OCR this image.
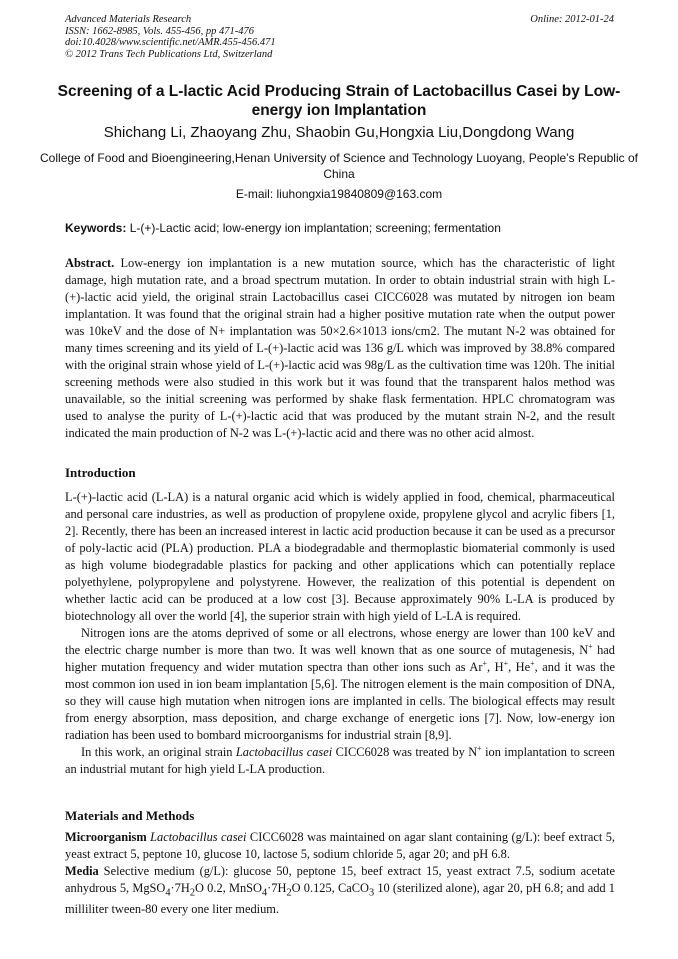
Advanced Materials Research
ISSN: 1662-8985, Vols. 455-456, pp 471-476
doi:10.4028/www.scientific.net/AMR.455-456.471
© 2012 Trans Tech Publications Ltd, Switzerland
Online: 2012-01-24
Screening of a L-lactic Acid Producing Strain of Lactobacillus Casei by Low-energy ion Implantation
Shichang Li, Zhaoyang Zhu, Shaobin Gu,Hongxia Liu,Dongdong Wang
College of Food and Bioengineering,Henan University of Science and Technology Luoyang, People’s Republic of China
E-mail: liuhongxia19840809@163.com
Keywords: L-(+)-Lactic acid; low-energy ion implantation; screening; fermentation

Abstract. Low-energy ion implantation is a new mutation source, which has the characteristic of light damage, high mutation rate, and a broad spectrum mutation. In order to obtain industrial strain with high L-(+)-lactic acid yield, the original strain Lactobacillus casei CICC6028 was mutated by nitrogen ion beam implantation. It was found that the original strain had a higher positive mutation rate when the output power was 10keV and the dose of N+ implantation was 50×2.6×1013 ions/cm2. The mutant N-2 was obtained for many times screening and its yield of L-(+)-lactic acid was 136 g/L which was improved by 38.8% compared with the original strain whose yield of L-(+)-lactic acid was 98g/L as the cultivation time was 120h. The initial screening methods were also studied in this work but it was found that the transparent halos method was unavailable, so the initial screening was performed by shake flask fermentation. HPLC chromatogram was used to analyse the purity of L-(+)-lactic acid that was produced by the mutant strain N-2, and the result indicated the main production of N-2 was L-(+)-lactic acid and there was no other acid almost.

Introduction

L-(+)-lactic acid (L-LA) is a natural organic acid which is widely applied in food, chemical, pharmaceutical and personal care industries, as well as production of propylene oxide, propylene glycol and acrylic fibers [1, 2]. Recently, there has been an increased interest in lactic acid production because it can be used as a precursor of poly-lactic acid (PLA) production. PLA a biodegradable and thermoplastic biomaterial commonly is used as high volume biodegradable plastics for packing and other applications which can potentially replace polyethylene, polypropylene and polystyrene. However, the realization of this potential is dependent on whether lactic acid can be produced at a low cost [3]. Because approximately 90% L-LA is produced by biotechnology all over the world [4], the superior strain with high yield of L-LA is required.

Nitrogen ions are the atoms deprived of some or all electrons, whose energy are lower than 100 keV and the electric charge number is more than two. It was well known that as one source of mutagenesis, N+ had higher mutation frequency and wider mutation spectra than other ions such as Ar+, H+, He+, and it was the most common ion used in ion beam implantation [5,6]. The nitrogen element is the main composition of DNA, so they will cause high mutation when nitrogen ions are implanted in cells. The biological effects may result from energy absorption, mass deposition, and charge exchange of energetic ions [7]. Now, low-energy ion radiation has been used to bombard microorganisms for industrial strain [8,9].

In this work, an original strain Lactobacillus casei CICC6028 was treated by N+ ion implantation to screen an industrial mutant for high yield L-LA production.

Materials and Methods

Microorganism Lactobacillus casei CICC6028 was maintained on agar slant containing (g/L): beef extract 5, yeast extract 5, peptone 10, glucose 10, lactose 5, sodium chloride 5, agar 20; and pH 6.8.

Media Selective medium (g/L): glucose 50, peptone 15, beef extract 15, yeast extract 7.5, sodium acetate anhydrous 5, $MgSO_4\cdot 7H_2O$ 0.2, $MnSO_4\cdot 7H_2O$ 0.125, CaCO$_3$ 10 (sterilized alone), agar 20, pH 6.8; and add 1 milliliter tween-80 every one liter medium.
